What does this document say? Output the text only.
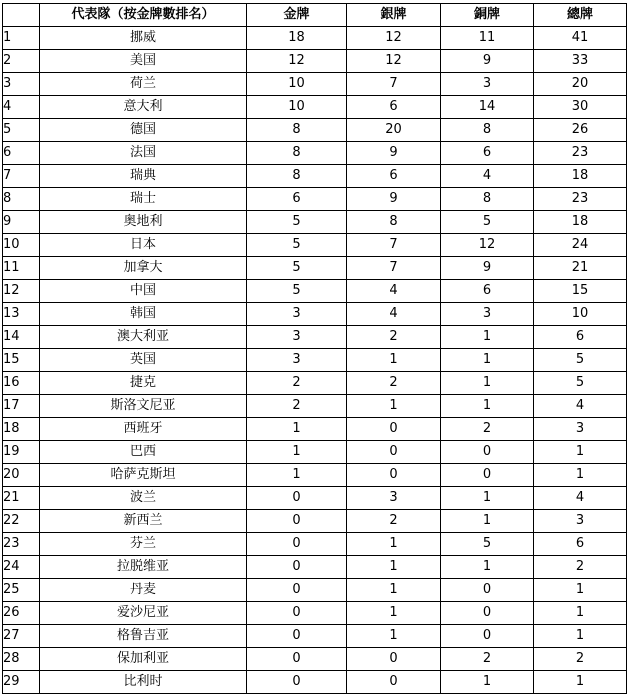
	代表隊（按金牌數排名）	金牌	銀牌	銅牌	總牌
1	挪威	18	12	11	41
2	美国	12	12	9	33
3	荷兰	10	7	3	20
4	意大利	10	6	14	30
5	德国	8	20	8	26
6	法国	8	9	6	23
7	瑞典	8	6	4	18
8	瑞士	6	9	8	23
9	奥地利	5	8	5	18
10	日本	5	7	12	24
11	加拿大	5	7	9	21
12	中国	5	4	6	15
13	韩国	3	4	3	10
14	澳大利亚	3	2	1	6
15	英国	3	1	1	5
16	捷克	2	2	1	5
17	斯洛文尼亚	2	1	1	4
18	西班牙	1	0	2	3
19	巴西	1	0	0	1
20	哈萨克斯坦	1	0	0	1
21	波兰	0	3	1	4
22	新西兰	0	2	1	3
23	芬兰	0	1	5	6
24	拉脱维亚	0	1	1	2
25	丹麦	0	1	0	1
26	爱沙尼亚	0	1	0	1
27	格鲁吉亚	0	1	0	1
28	保加利亚	0	0	2	2
29	比利时	0	0	1	1
